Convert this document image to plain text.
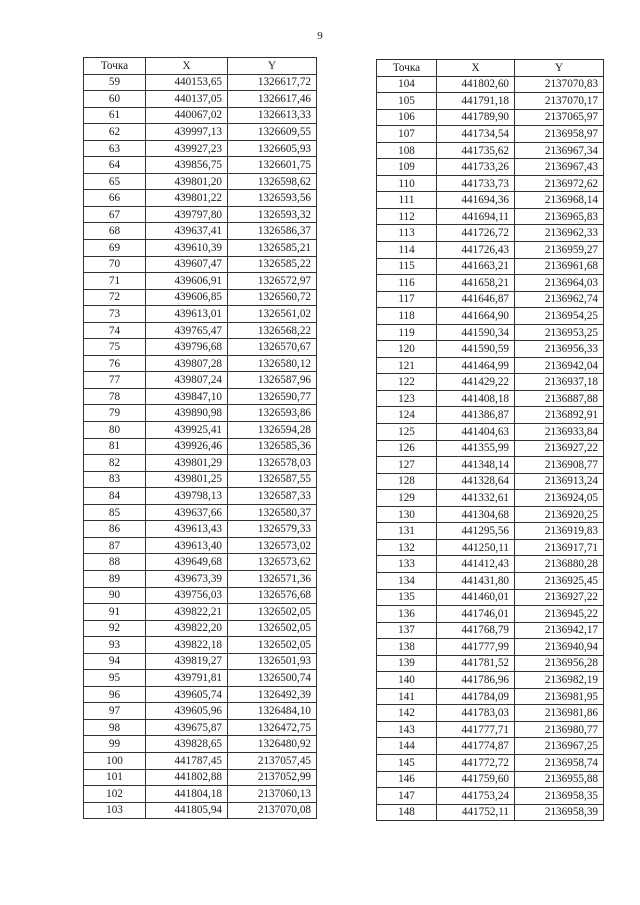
9
Точка	X	Y
59	440153,65	1326617,72
60	440137,05	1326617,46
61	440067,02	1326613,33
62	439997,13	1326609,55
63	439927,23	1326605,93
64	439856,75	1326601,75
65	439801,20	1326598,62
66	439801,22	1326593,56
67	439797,80	1326593,32
68	439637,41	1326586,37
69	439610,39	1326585,21
70	439607,47	1326585,22
71	439606,91	1326572,97
72	439606,85	1326560,72
73	439613,01	1326561,02
74	439765,47	1326568,22
75	439796,68	1326570,67
76	439807,28	1326580,12
77	439807,24	1326587,96
78	439847,10	1326590,77
79	439890,98	1326593,86
80	439925,41	1326594,28
81	439926,46	1326585,36
82	439801,29	1326578,03
83	439801,25	1326587,55
84	439798,13	1326587,33
85	439637,66	1326580,37
86	439613,43	1326579,33
87	439613,40	1326573,02
88	439649,68	1326573,62
89	439673,39	1326571,36
90	439756,03	1326576,68
91	439822,21	1326502,05
92	439822,20	1326502,05
93	439822,18	1326502,05
94	439819,27	1326501,93
95	439791,81	1326500,74
96	439605,74	1326492,39
97	439605,96	1326484,10
98	439675,87	1326472,75
99	439828,65	1326480,92
100	441787,45	2137057,45
101	441802,88	2137052,99
102	441804,18	2137060,13
103	441805,94	2137070,08
Точка	X	Y
104	441802,60	2137070,83
105	441791,18	2137070,17
106	441789,90	2137065,97
107	441734,54	2136958,97
108	441735,62	2136967,34
109	441733,26	2136967,43
110	441733,73	2136972,62
111	441694,36	2136968,14
112	441694,11	2136965,83
113	441726,72	2136962,33
114	441726,43	2136959,27
115	441663,21	2136961,68
116	441658,21	2136964,03
117	441646,87	2136962,74
118	441664,90	2136954,25
119	441590,34	2136953,25
120	441590,59	2136956,33
121	441464,99	2136942,04
122	441429,22	2136937,18
123	441408,18	2136887,88
124	441386,87	2136892,91
125	441404,63	2136933,84
126	441355,99	2136927,22
127	441348,14	2136908,77
128	441328,64	2136913,24
129	441332,61	2136924,05
130	441304,68	2136920,25
131	441295,56	2136919,83
132	441250,11	2136917,71
133	441412,43	2136880,28
134	441431,80	2136925,45
135	441460,01	2136927,22
136	441746,01	2136945,22
137	441768,79	2136942,17
138	441777,99	2136940,94
139	441781,52	2136956,28
140	441786,96	2136982,19
141	441784,09	2136981,95
142	441783,03	2136981,86
143	441777,71	2136980,77
144	441774,87	2136967,25
145	441772,72	2136958,74
146	441759,60	2136955,88
147	441753,24	2136958,35
148	441752,11	2136958,39
